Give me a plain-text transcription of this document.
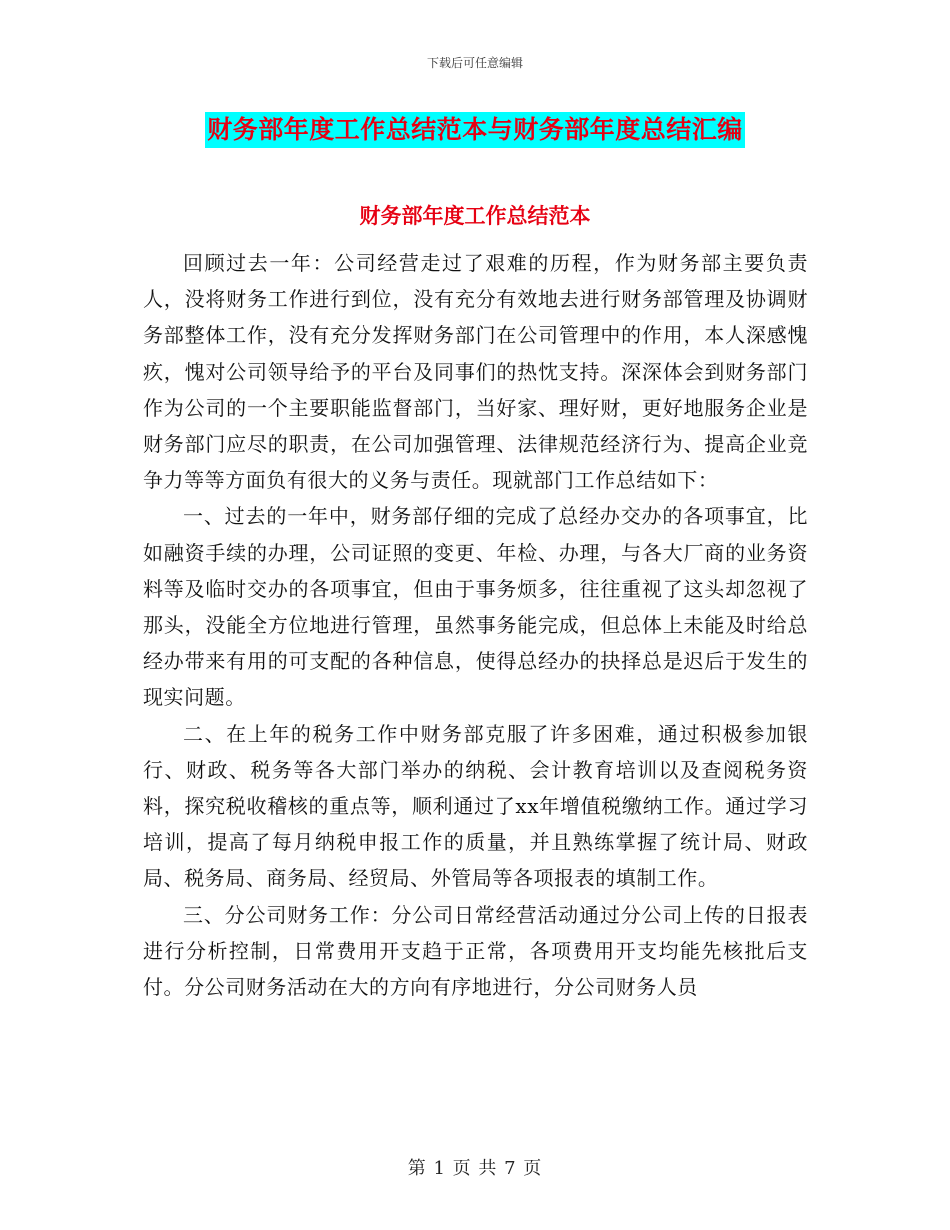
下载后可任意编辑
财务部年度工作总结范本与财务部年度总结汇编
财务部年度工作总结范本

回顾过去一年：公司经营走过了艰难的历程，作为财务部主要负责人，没将财务工作进行到位，没有充分有效地去进行财务部管理及协调财务部整体工作，没有充分发挥财务部门在公司管理中的作用，本人深感愧疚，愧对公司领导给予的平台及同事们的热忱支持。深深体会到财务部门作为公司的一个主要职能监督部门，当好家、理好财，更好地服务企业是财务部门应尽的职责，在公司加强管理、法律规范经济行为、提高企业竞争力等等方面负有很大的义务与责任。现就部门工作总结如下：

一、过去的一年中，财务部仔细的完成了总经办交办的各项事宜，比如融资手续的办理，公司证照的变更、年检、办理，与各大厂商的业务资料等及临时交办的各项事宜，但由于事务烦多，往往重视了这头却忽视了那头，没能全方位地进行管理，虽然事务能完成，但总体上未能及时给总经办带来有用的可支配的各种信息，使得总经办的抉择总是迟后于发生的现实问题。

二、在上年的税务工作中财务部克服了许多困难，通过积极参加银行、财政、税务等各大部门举办的纳税、会计教育培训以及查阅税务资料，探究税收稽核的重点等，顺利通过了xx年增值税缴纳工作。通过学习培训，提高了每月纳税申报工作的质量，并且熟练掌握了统计局、财政局、税务局、商务局、经贸局、外管局等各项报表的填制工作。

三、分公司财务工作：分公司日常经营活动通过分公司上传的日报表进行分析控制，日常费用开支趋于正常，各项费用开支均能先核批后支付。分公司财务活动在大的方向有序地进行，分公司财务人员

第 1 页 共 7 页
